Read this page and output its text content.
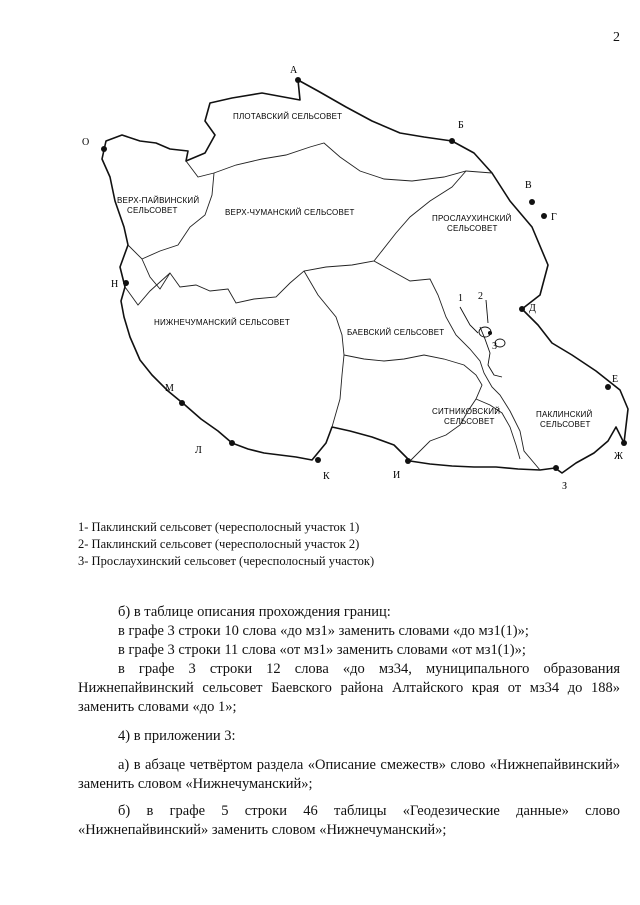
2
ПЛОТАВСКИЙ СЕЛЬСОВЕТ
ВЕРХ-ПАЙВИНСКИЙ
СЕЛЬСОВЕТ	ВЕРХ-ЧУМАНСКИЙ СЕЛЬСОВЕТ
ПРОСЛАУХИНСКИЙ
СЕЛЬСОВЕТ
НИЖНЕЧУМАНСКИЙ СЕЛЬСОВЕТ
БАЕВСКИЙ СЕЛЬСОВЕТ
СИТНИКОВСКИЙ
СЕЛЬСОВЕТ
ПАКЛИНСКИЙ
СЕЛЬСОВЕТ
А
Б
В
Г
Д
Е
Ж
З
И
К
Л
М
Н
О
1 2
3
1- Паклинский сельсовет (чересполосный участок 1)
2- Паклинский сельсовет (чересполосный участок 2)
3- Прослаухинский сельсовет (чересполосный участок)

б) в таблице описания прохождения границ:

в графе 3 строки 10 слова «до мз1» заменить словами «до мз1(1)»;

в графе 3 строки 11 слова «от мз1» заменить словами «от мз1(1)»;

в графе 3 строки 12 слова «до мз34, муниципального образования Нижнепайвинский сельсовет Баевского района Алтайского края от мз34 до 188» заменить словами «до 1»;

4) в приложении 3:

а) в абзаце четвёртом раздела «Описание смежеств» слово «Нижнепайвинский» заменить словом «Нижнечуманский»;

б) в графе 5 строки 46 таблицы «Геодезические данные» слово «Нижнепайвинский» заменить словом «Нижнечуманский»;
